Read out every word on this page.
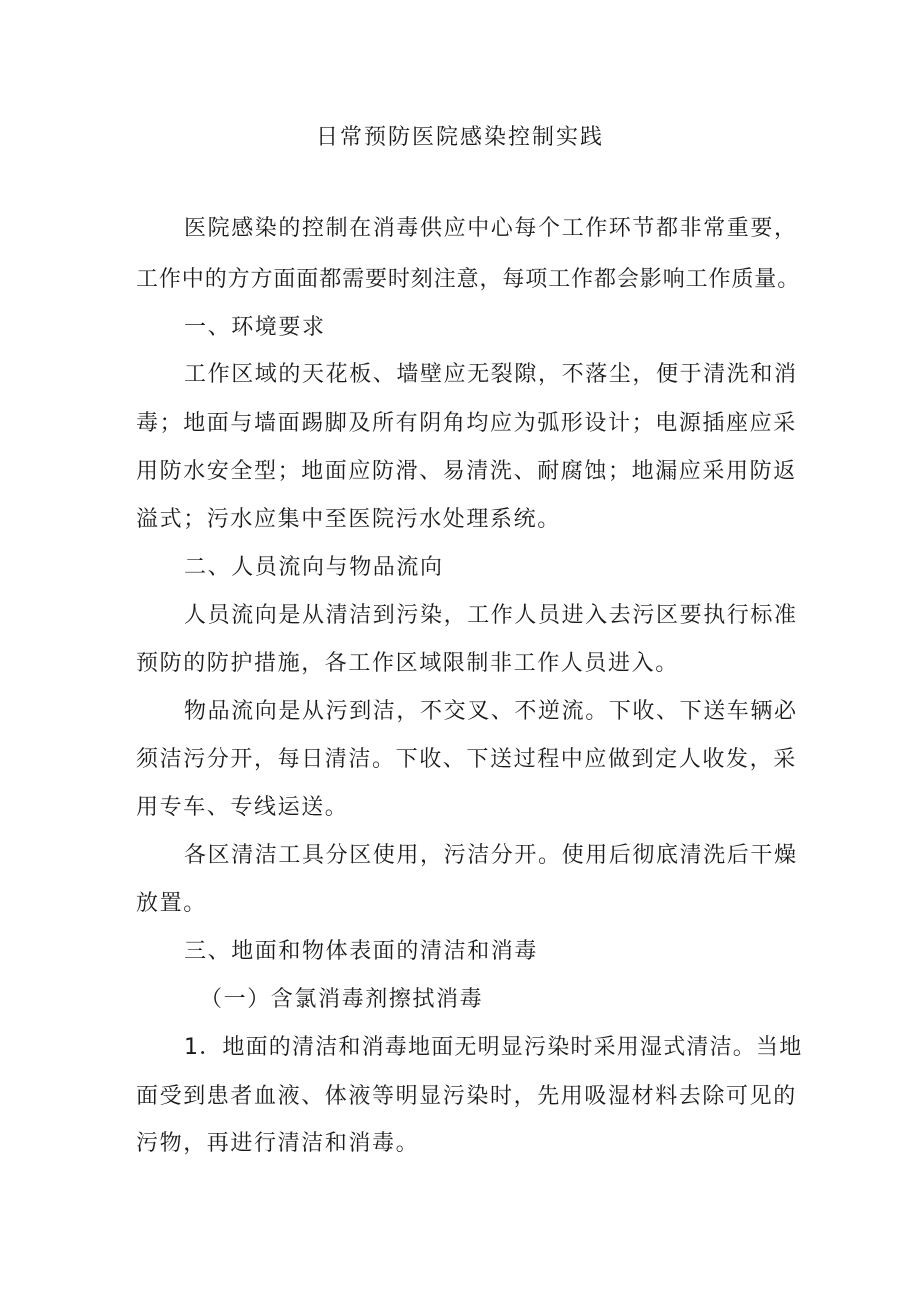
日常预防医院感染控制实践
医院感染的控制在消毒供应中心每个工作环节都非常重要，
工作中的方方面面都需要时刻注意，每项工作都会影响工作质量。
一、环境要求
工作区域的天花板、墙壁应无裂隙，不落尘，便于清洗和消
毒；地面与墙面踢脚及所有阴角均应为弧形设计；电源插座应采
用防水安全型；地面应防滑、易清洗、耐腐蚀；地漏应采用防返
溢式；污水应集中至医院污水处理系统。
二、人员流向与物品流向
人员流向是从清洁到污染，工作人员进入去污区要执行标准
预防的防护措施，各工作区域限制非工作人员进入。
物品流向是从污到洁，不交叉、不逆流。下收、下送车辆必
须洁污分开，每日清洁。下收、下送过程中应做到定人收发，采
用专车、专线运送。
各区清洁工具分区使用，污洁分开。使用后彻底清洗后干燥
放置。
三、地面和物体表面的清洁和消毒
（一）含氯消毒剂擦拭消毒
1．地面的清洁和消毒地面无明显污染时采用湿式清洁。当地
面受到患者血液、体液等明显污染时，先用吸湿材料去除可见的
污物，再进行清洁和消毒。
